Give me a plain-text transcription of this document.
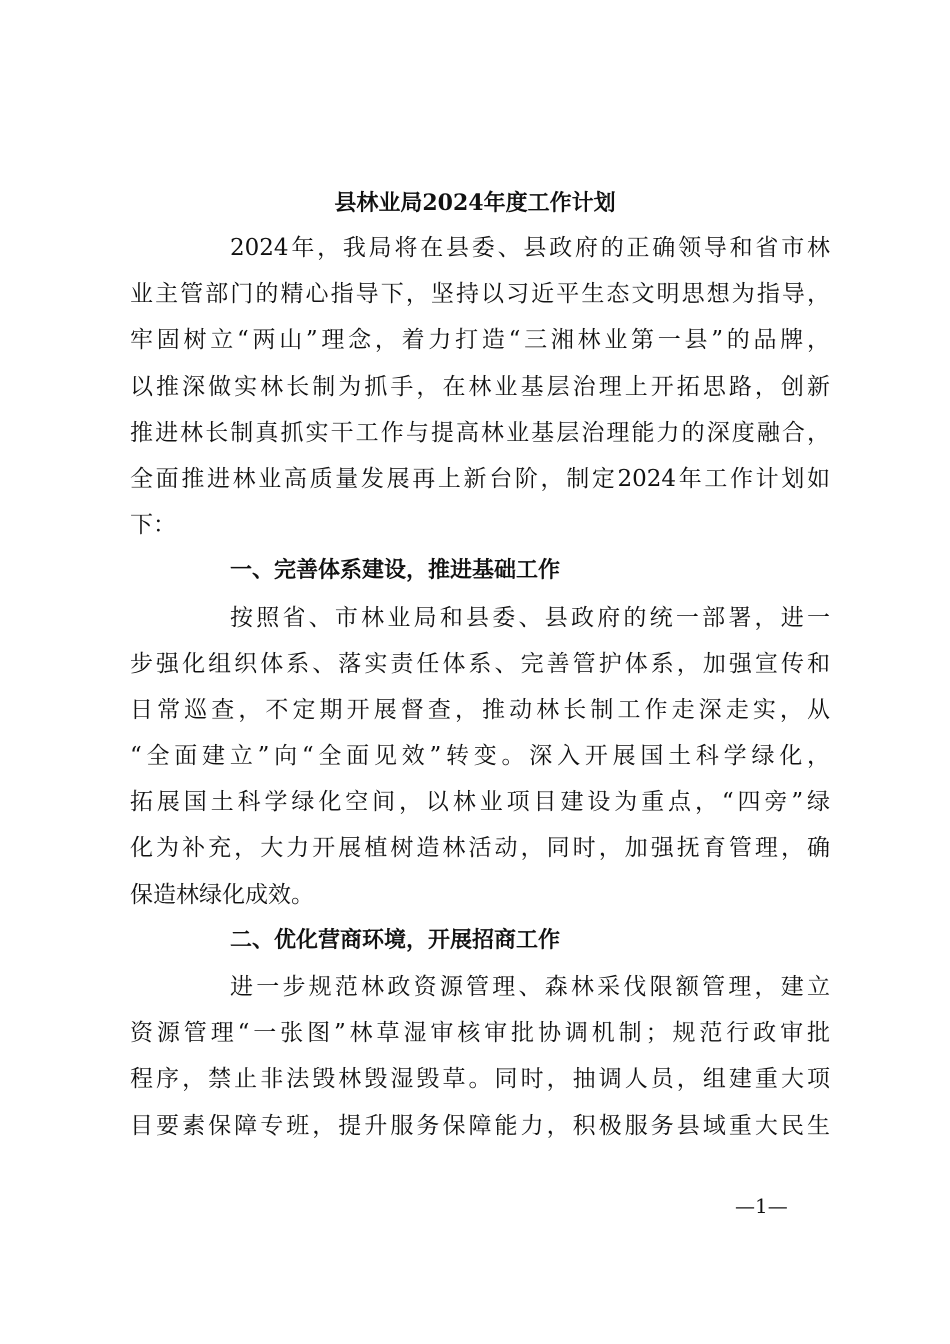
县林业局2024年度工作计划
2024年，我局将在县委、县政府的正确领导和省市林
业主管部门的精心指导下，坚持以习近平生态文明思想为指导，
牢固树立“两山”理念，着力打造“三湘林业第一县”的品牌，
以推深做实林长制为抓手，在林业基层治理上开拓思路，创新
推进林长制真抓实干工作与提高林业基层治理能力的深度融合，
全面推进林业高质量发展再上新台阶，制定2024年工作计划如
下：
一、完善体系建设，推进基础工作
按照省、市林业局和县委、县政府的统一部署，进一
步强化组织体系、落实责任体系、完善管护体系，加强宣传和
日常巡查，不定期开展督查，推动林长制工作走深走实，从
“全面建立”向“全面见效”转变。深入开展国土科学绿化，
拓展国土科学绿化空间，以林业项目建设为重点，“四旁”绿
化为补充，大力开展植树造林活动，同时，加强抚育管理，确
保造林绿化成效。
二、优化营商环境，开展招商工作
进一步规范林政资源管理、森林采伐限额管理，建立
资源管理“一张图”林草湿审核审批协调机制；规范行政审批
程序，禁止非法毁林毁湿毁草。同时，抽调人员，组建重大项
目要素保障专班，提升服务保障能力，积极服务县域重大民生
—1—
